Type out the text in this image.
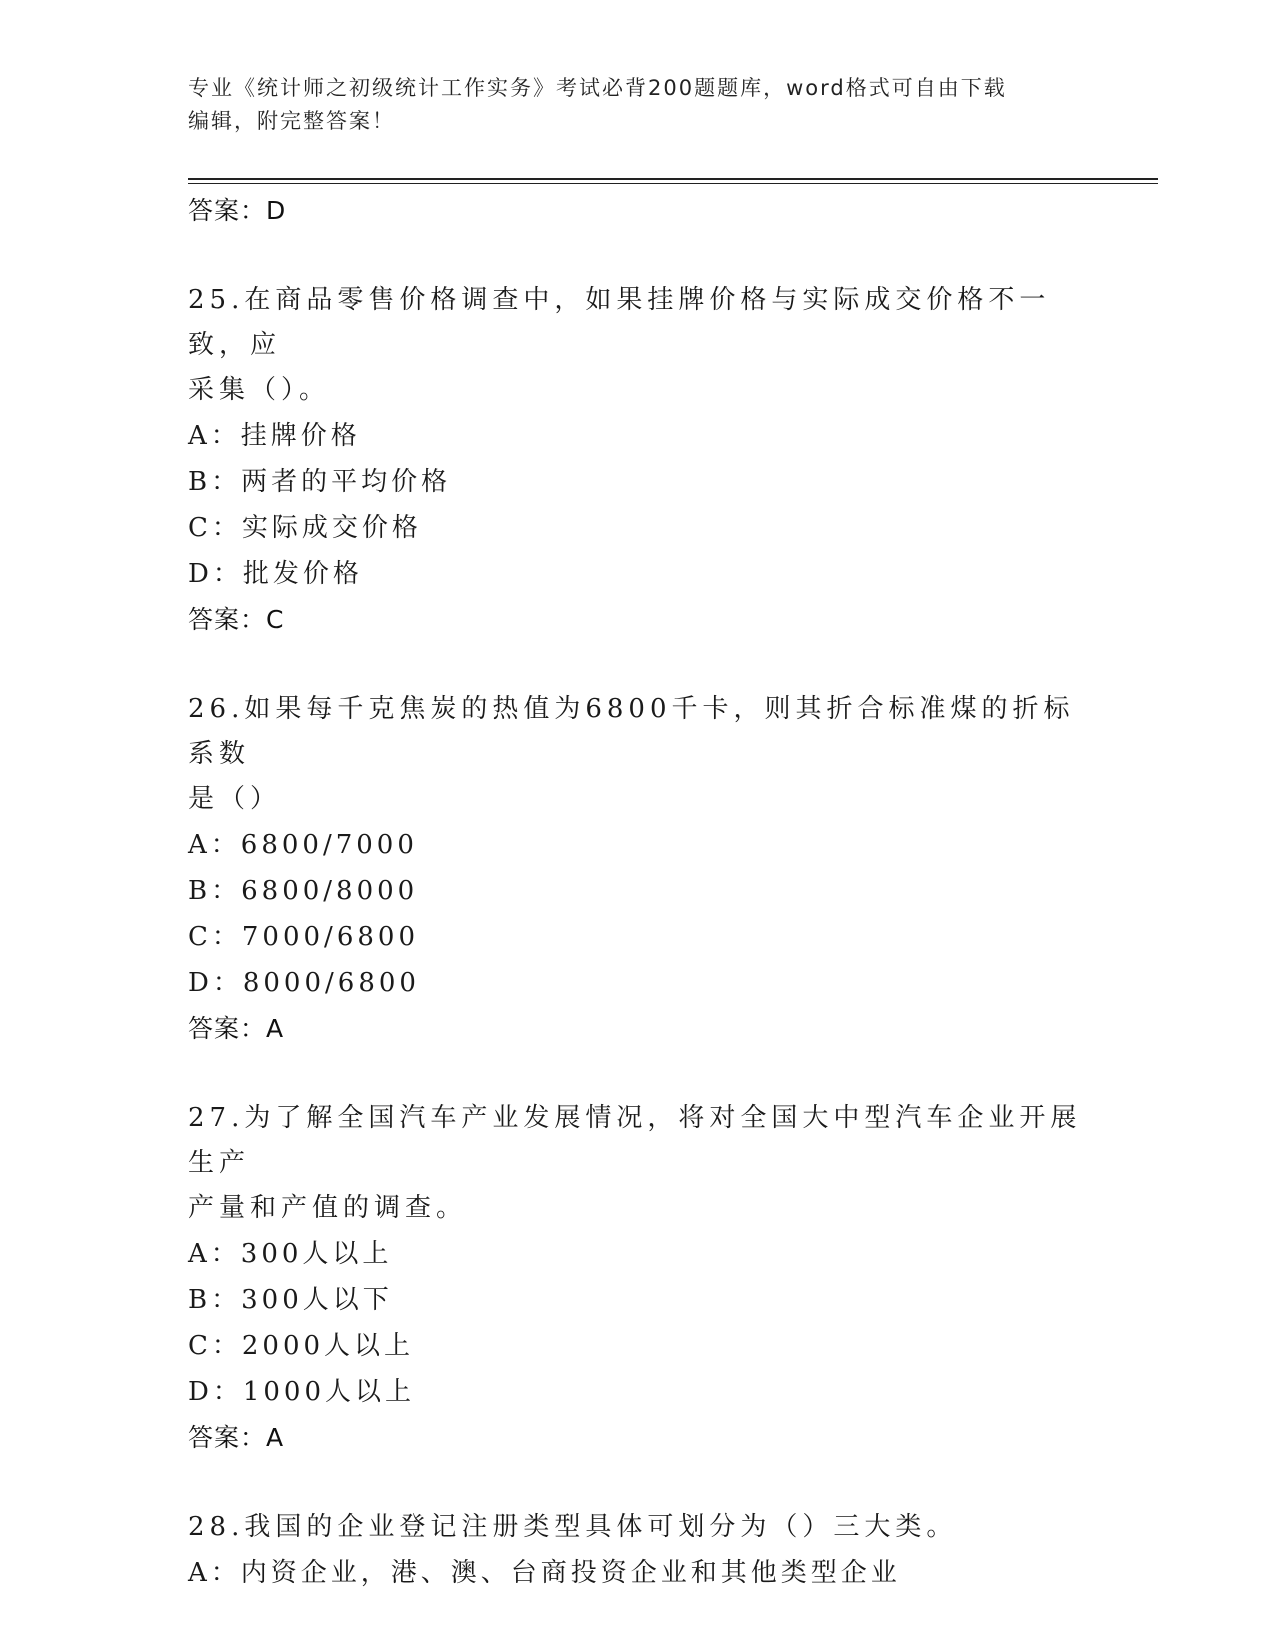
专业《统计师之初级统计工作实务》考试必背200题题库，word格式可自由下载
编辑，附完整答案！
答案：D
25.在商品零售价格调查中，如果挂牌价格与实际成交价格不一致，应
采集（）。
A：挂牌价格
B：两者的平均价格
C：实际成交价格
D：批发价格
答案：C
26.如果每千克焦炭的热值为6800千卡，则其折合标准煤的折标系数
是（）
A：6800/7000
B：6800/8000
C：7000/6800
D：8000/6800
答案：A
27.为了解全国汽车产业发展情况，将对全国大中型汽车企业开展生产
产量和产值的调查。
A：300人以上
B：300人以下
C：2000人以上
D：1000人以上
答案：A
28.我国的企业登记注册类型具体可划分为（）三大类。
A：内资企业，港、澳、台商投资企业和其他类型企业
